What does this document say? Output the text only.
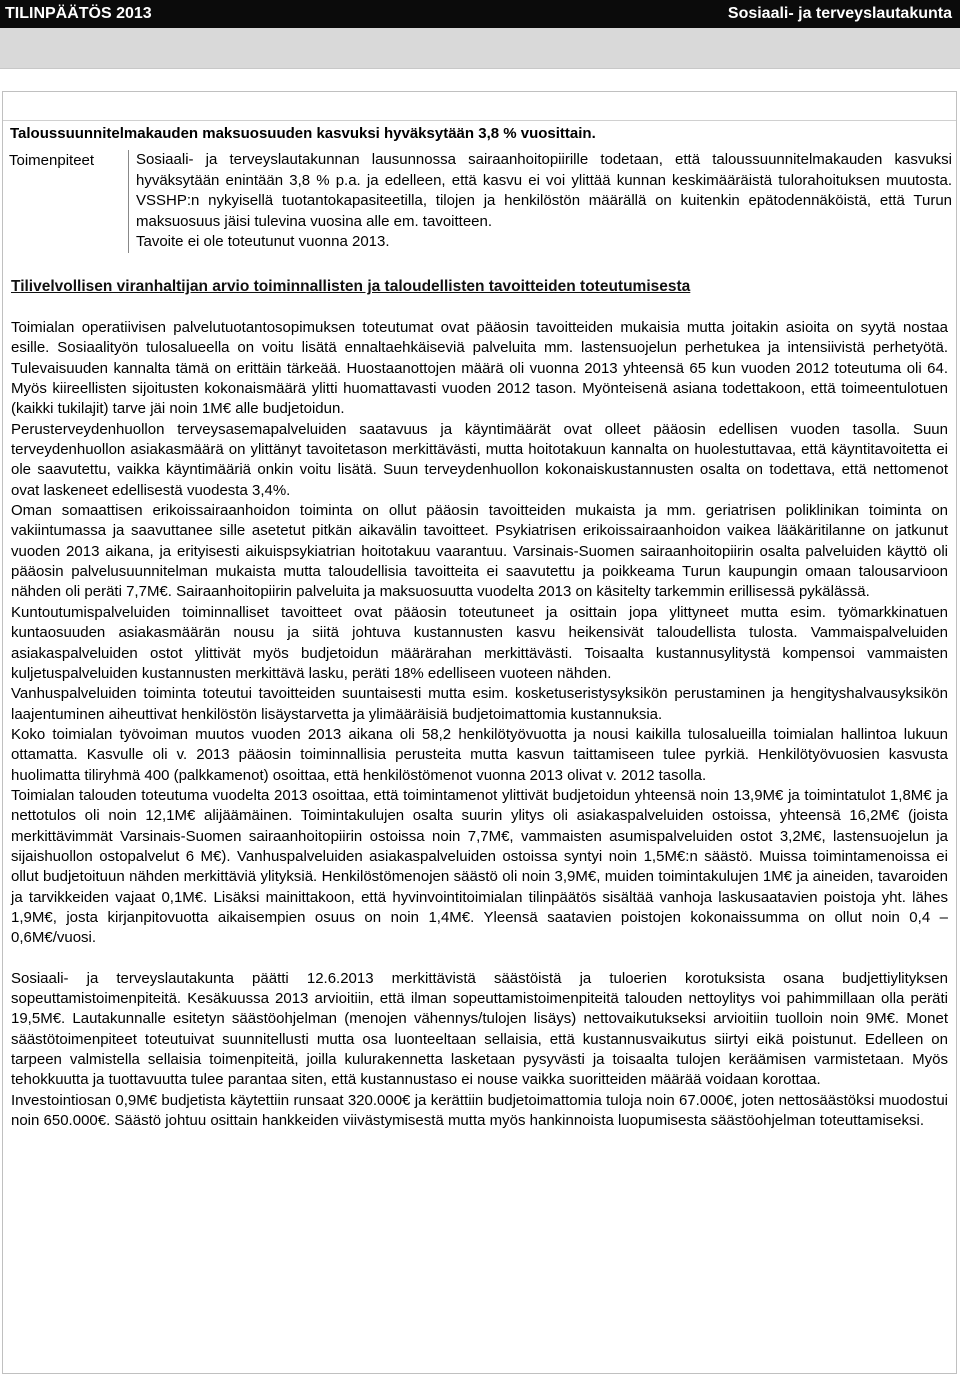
TILINPÄÄTÖS 2013	Sosiaali- ja terveyslautakunta
Taloussuunnitelmakauden maksuosuuden kasvuksi hyväksytään 3,8 % vuosittain.
Toimenpiteet	Sosiaali- ja terveyslautakunnan lausunnossa sairaanhoitopiirille todetaan, että taloussuunnitelmakauden kasvuksi hyväksytään enintään 3,8 % p.a. ja edelleen, että kasvu ei voi ylittää kunnan keskimääräistä tulorahoituksen muutosta. VSSHP:n nykyisellä tuotantokapasiteetilla, tilojen ja henkilöstön määrällä on kuitenkin epätodennäköistä, että Turun maksuosuus jäisi tulevina vuosina alle em. tavoitteen.
Tavoite ei ole toteutunut vuonna 2013.
Tilivelvollisen viranhaltijan arvio toiminnallisten ja taloudellisten tavoitteiden toteutumisesta

Toimialan operatiivisen palvelutuotantosopimuksen toteutumat ovat pääosin tavoitteiden mukaisia mutta joitakin asioita on syytä nostaa esille. Sosiaalityön tulosalueella on voitu lisätä ennaltaehkäiseviä palveluita mm. lastensuojelun perhetukea ja intensiivistä perhetyötä. Tulevaisuuden kannalta tämä on erittäin tärkeää. Huostaanottojen määrä oli vuonna 2013 yhteensä 65 kun vuoden 2012 toteutuma oli 64. Myös kiireellisten sijoitusten kokonaismäärä ylitti huomattavasti vuoden 2012 tason. Myönteisenä asiana todettakoon, että toimeentulotuen (kaikki tukilajit) tarve jäi noin 1M€ alle budjetoidun.

Perusterveydenhuollon terveysasemapalveluiden saatavuus ja käyntimäärät ovat olleet pääosin edellisen vuoden tasolla. Suun terveydenhuollon asiakasmäärä on ylittänyt tavoitetason merkittävästi, mutta hoitotakuun kannalta on huolestuttavaa, että käyntitavoitetta ei ole saavutettu, vaikka käyntimääriä onkin voitu lisätä. Suun terveydenhuollon kokonaiskustannusten osalta on todettava, että nettomenot ovat laskeneet edellisestä vuodesta 3,4%.

Oman somaattisen erikoissairaanhoidon toiminta on ollut pääosin tavoitteiden mukaista ja mm. geriatrisen poliklinikan toiminta on vakiintumassa ja saavuttanee sille asetetut pitkän aikavälin tavoitteet. Psykiatrisen erikoissairaanhoidon vaikea lääkäritilanne on jatkunut vuoden 2013 aikana, ja erityisesti aikuispsykiatrian hoitotakuu vaarantuu. Varsinais-Suomen sairaanhoitopiirin osalta palveluiden käyttö oli pääosin palvelusuunnitelman mukaista mutta taloudellisia tavoitteita ei saavutettu ja poikkeama Turun kaupungin omaan talousarvioon nähden oli peräti 7,7M€. Sairaanhoitopiirin palveluita ja maksuosuutta vuodelta 2013 on käsitelty tarkemmin erillisessä pykälässä.

Kuntoutumispalveluiden toiminnalliset tavoitteet ovat pääosin toteutuneet ja osittain jopa ylittyneet mutta esim. työmarkkinatuen kuntaosuuden asiakasmäärän nousu ja siitä johtuva kustannusten kasvu heikensivät taloudellista tulosta. Vammaispalveluiden asiakaspalveluiden ostot ylittivät myös budjetoidun määrärahan merkittävästi. Toisaalta kustannusylitystä kompensoi vammaisten kuljetuspalveluiden kustannusten merkittävä lasku, peräti 18% edelliseen vuoteen nähden.

Vanhuspalveluiden toiminta toteutui tavoitteiden suuntaisesti mutta esim. kosketuseristysyksikön perustaminen ja hengityshalvausyksikön laajentuminen aiheuttivat henkilöstön lisäystarvetta ja ylimääräisiä budjetoimattomia kustannuksia.

Koko toimialan työvoiman muutos vuoden 2013 aikana oli 58,2 henkilötyövuotta ja nousi kaikilla tulosalueilla toimialan hallintoa lukuun ottamatta. Kasvulle oli v. 2013 pääosin toiminnallisia perusteita mutta kasvun taittamiseen tulee pyrkiä. Henkilötyövuosien kasvusta huolimatta tiliryhmä 400 (palkkamenot) osoittaa, että henkilöstömenot vuonna 2013 olivat v. 2012 tasolla.

Toimialan talouden toteutuma vuodelta 2013 osoittaa, että toimintamenot ylittivät budjetoidun yhteensä noin 13,9M€ ja toimintatulot 1,8M€ ja nettotulos oli noin 12,1M€ alijäämäinen. Toimintakulujen osalta suurin ylitys oli asiakaspalveluiden ostoissa, yhteensä 16,2M€ (joista merkittävimmät Varsinais-Suomen sairaanhoitopiirin ostoissa noin 7,7M€, vammaisten asumispalveluiden ostot 3,2M€, lastensuojelun ja sijaishuollon ostopalvelut 6 M€). Vanhuspalveluiden asiakaspalveluiden ostoissa syntyi noin 1,5M€:n säästö. Muissa toimintamenoissa ei ollut budjetoituun nähden merkittäviä ylityksiä. Henkilöstömenojen säästö oli noin 3,9M€, muiden toimintakulujen 1M€ ja aineiden, tavaroiden ja tarvikkeiden vajaat 0,1M€. Lisäksi mainittakoon, että hyvinvointitoimialan tilinpäätös sisältää vanhoja laskusaatavien poistoja yht. lähes 1,9M€, josta kirjanpitovuotta aikaisempien osuus on noin 1,4M€. Yleensä saatavien poistojen kokonaissumma on ollut noin 0,4 – 0,6M€/vuosi.

Sosiaali- ja terveyslautakunta päätti 12.6.2013 merkittävistä säästöistä ja tuloerien korotuksista osana budjettiylityksen sopeuttamistoimenpiteitä. Kesäkuussa 2013 arvioitiin, että ilman sopeuttamistoimenpiteitä talouden nettoylitys voi pahimmillaan olla peräti 19,5M€. Lautakunnalle esitetyn säästöohjelman (menojen vähennys/tulojen lisäys) nettovaikutukseksi arvioitiin tuolloin noin 9M€. Monet säästötoimenpiteet toteutuivat suunnitellusti mutta osa luonteeltaan sellaisia, että kustannusvaikutus siirtyi eikä poistunut. Edelleen on tarpeen valmistella sellaisia toimenpiteitä, joilla kulurakennetta lasketaan pysyvästi ja toisaalta tulojen keräämisen varmistetaan. Myös tehokkuutta ja tuottavuutta tulee parantaa siten, että kustannustaso ei nouse vaikka suoritteiden määrää voidaan korottaa.

Investointiosan 0,9M€ budjetista käytettiin runsaat 320.000€ ja kerättiin budjetoimattomia tuloja noin 67.000€, joten nettosäästöksi muodostui noin 650.000€. Säästö johtuu osittain hankkeiden viivästymisestä mutta myös hankinnoista luopumisesta säästöohjelman toteuttamiseksi.
